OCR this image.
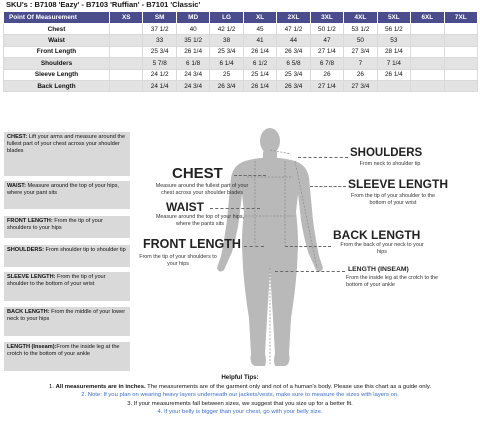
SKU's : B7108 'Eazy' - B7103 'Ruffian' - B7101 'Classic'
Point Of Measurement	XS	SM	MD	LG	XL	2XL	3XL	4XL	5XL	6XL	7XL
Chest		37 1/2	40	42 1/2	45	47 1/2	50 1/2	53 1/2	56 1/2		
Waist		33	35 1/2	38	41	44	47	50	53		
Front Length		25 3/4	26 1/4	25 3/4	26 1/4	26 3/4	27 1/4	27 3/4	28 1/4		
Shoulders		5 7/8	6 1/8	6 1/4	6 1/2	6 5/8	6 7/8	7	7 1/4		
Sleeve Length		24 1/2	24 3/4	25	25 1/4	25 3/4	26	26	26 1/4		
Back Length		24 1/4	24 3/4	26 3/4	26 1/4	26 3/4	27 1/4	27 3/4			
CHEST: Lift your arms and measure around the fullest part of your chest across your shoulder blades
WAIST: Measure around the top of your hips, where your pant sits
FRONT LENGTH: From the tip of your shoulders to your hips
SHOULDERS: From shoulder tip to shoulder tip
SLEEVE LENGTH: From the tip of your shoulder to the bottom of your wrist
BACK LENGTH: From the middle of your lower neck to your hips
LENGTH (Inseam):From the inside leg at the crotch to the bottom of your ankle
CHEST
Measure around the fullest part of your chest across your shoulder blades
WAIST
Measure around the top of your hips, where the pants sits
FRONT LENGTH
From the tip of your shoulders to your hips
SHOULDERS
From neck to shoulder tip
SLEEVE LENGTH
From the tip of your shoulder to the bottom of your wrist
BACK LENGTH
From the back of your neck to your hips
LENGTH (INSEAM)
From the inside leg at the crotch to the bottom of your ankle
Helpful Tips:
1. All measurements are in inches. The measurements are of the garment only and not of a human's body. Please use this chart as a guide only.
2. Note: If you plan on wearing heavy layers underneath our jackets/vests, make sure to measure the sizes with layers on.
3. If your measurements fall between sizes, we suggest that you size up for a better fit.
4. If your belly is bigger than your chest, go with your belly size.
